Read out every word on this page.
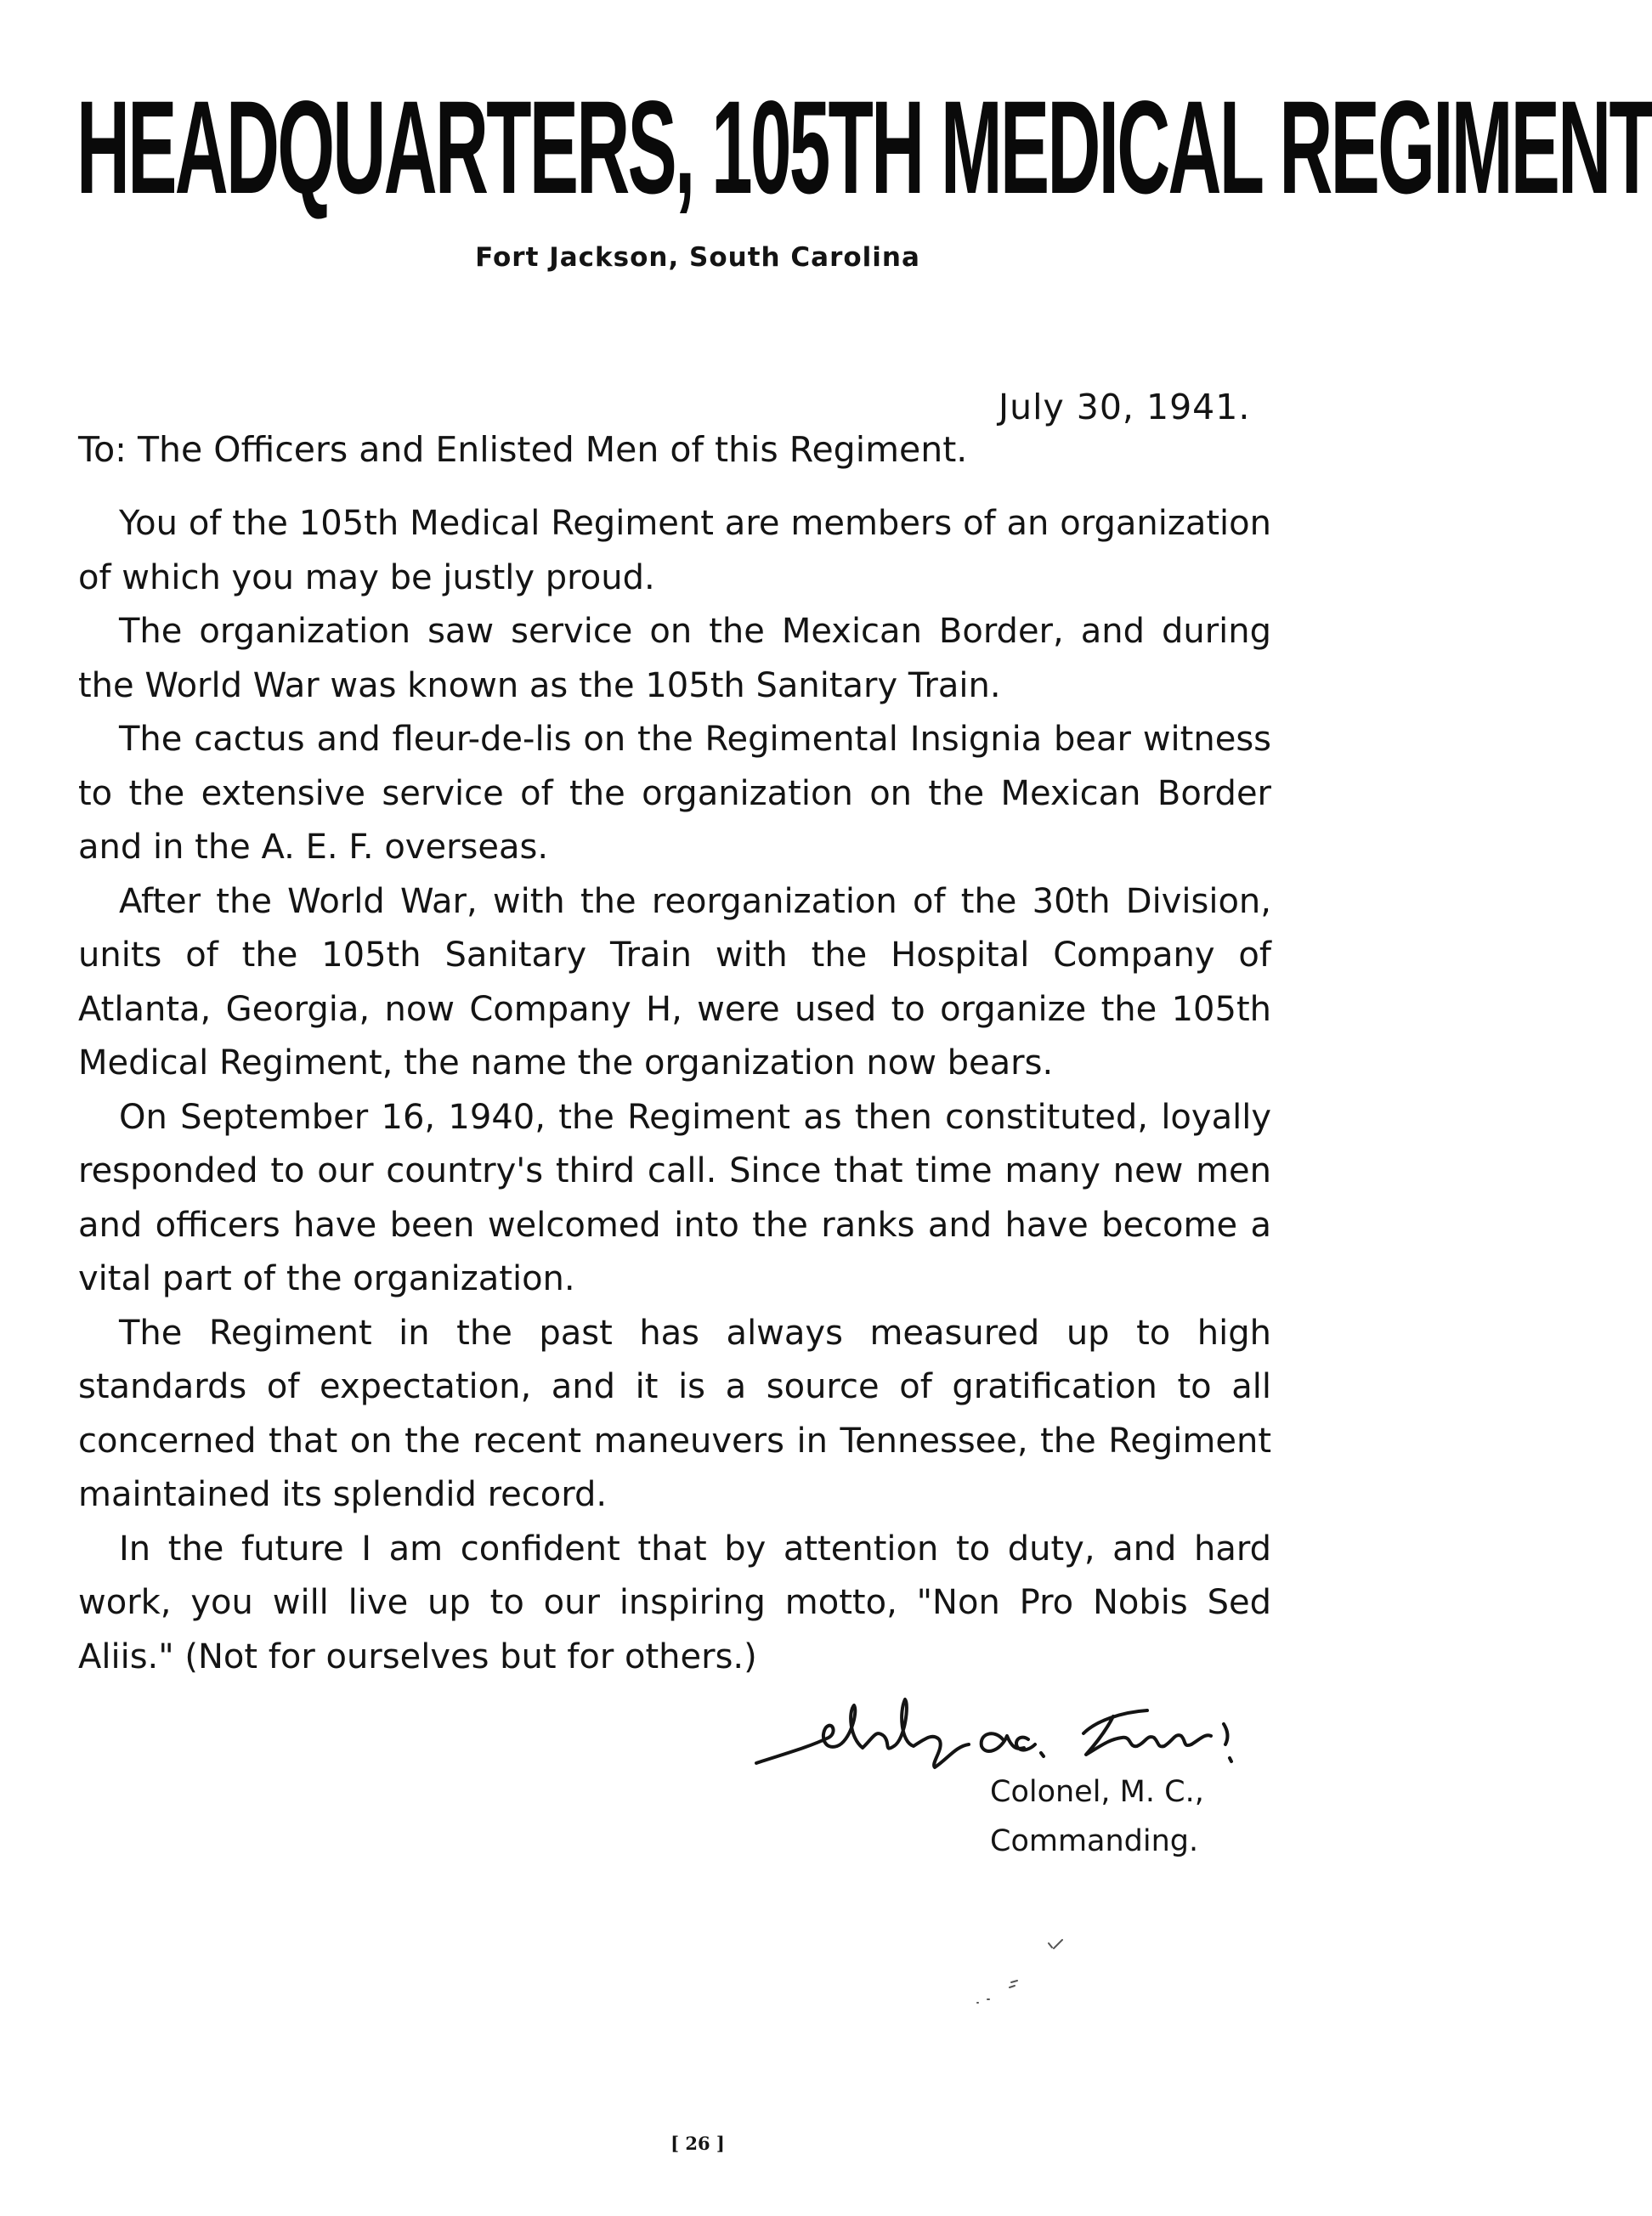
HEADQUARTERS, 105TH MEDICAL REGIMENT
Fort Jackson, South Carolina
July 30, 1941.
To: The Officers and Enlisted Men of this Regiment.

You of the 105th Medical Regiment are members of an organization of which you may be justly proud.

The organization saw service on the Mexican Border, and during the World War was known as the 105th Sanitary Train.

The cactus and fleur-de-lis on the Regimental Insignia bear witness to the extensive service of the organization on the Mexican Border and in the A. E. F. overseas.

After the World War, with the reorganization of the 30th Division, units of the 105th Sanitary Train with the Hospital Company of Atlanta, Georgia, now Company H, were used to organize the 105th Medical Regiment, the name the organization now bears.

On September 16, 1940, the Regiment as then constituted, loyally responded to our country's third call. Since that time many new men and officers have been welcomed into the ranks and have become a vital part of the organization.

The Regiment in the past has always measured up to high standards of expectation, and it is a source of gratification to all concerned that on the recent maneuvers in Tennessee, the Regiment maintained its splendid record.

In the future I am confident that by attention to duty, and hard work, you will live up to our inspiring motto, "Non Pro Nobis Sed Aliis." (Not for ourselves but for others.)

Colonel, M. C.,
Commanding.
[ 26 ]
